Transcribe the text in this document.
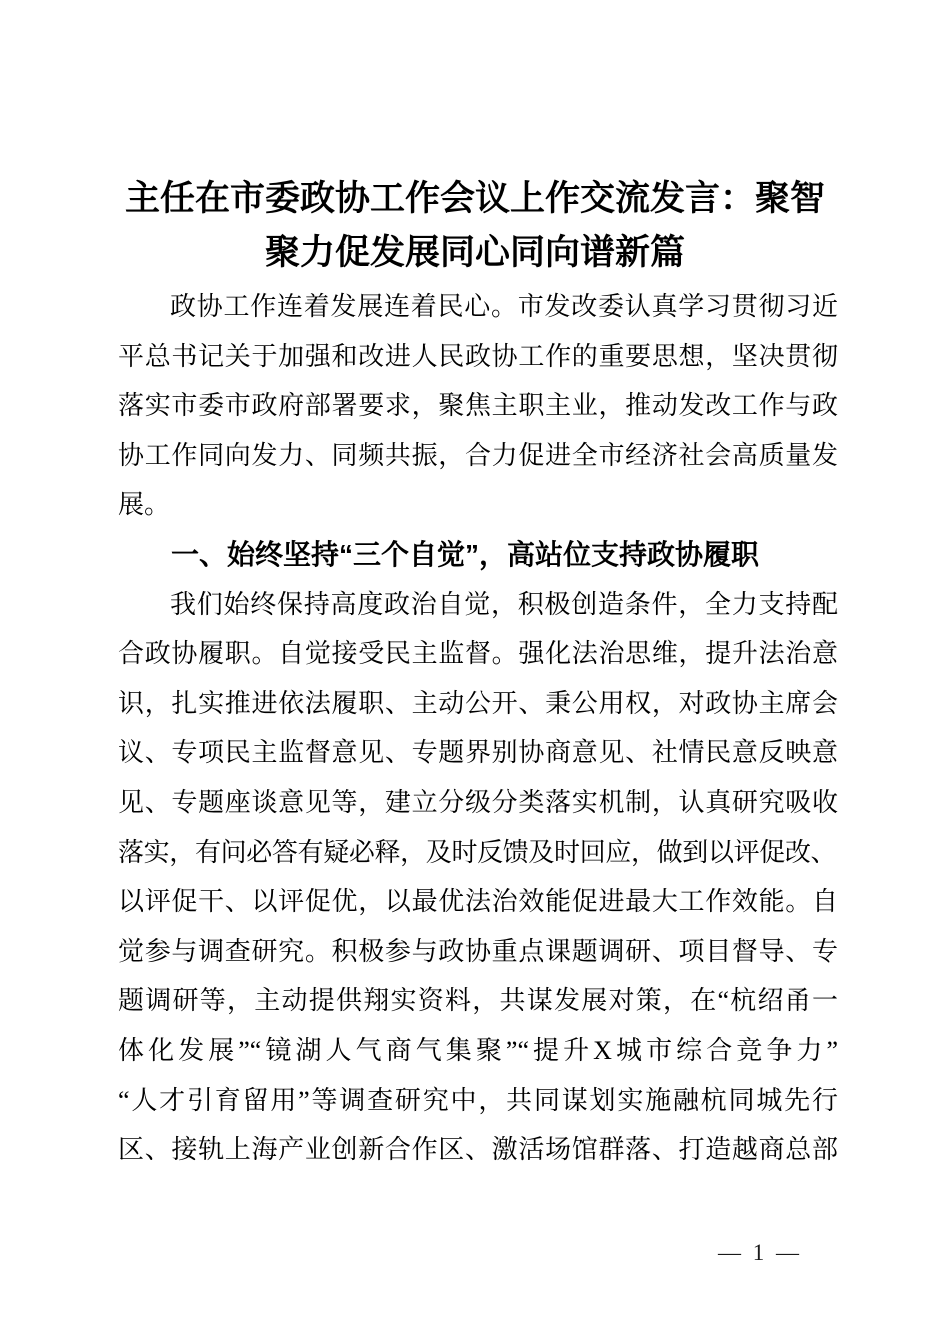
主任在市委政协工作会议上作交流发言：聚智
聚力促发展同心同向谱新篇
政协工作连着发展连着民心。市发改委认真学习贯彻习近
平总书记关于加强和改进人民政协工作的重要思想，坚决贯彻
落实市委市政府部署要求，聚焦主职主业，推动发改工作与政
协工作同向发力、同频共振，合力促进全市经济社会高质量发
展。
一、始终坚持“三个自觉”，高站位支持政协履职
我们始终保持高度政治自觉，积极创造条件，全力支持配
合政协履职。自觉接受民主监督。强化法治思维，提升法治意
识，扎实推进依法履职、主动公开、秉公用权，对政协主席会
议、专项民主监督意见、专题界别协商意见、社情民意反映意
见、专题座谈意见等，建立分级分类落实机制，认真研究吸收
落实，有问必答有疑必释，及时反馈及时回应，做到以评促改、
以评促干、以评促优，以最优法治效能促进最大工作效能。自
觉参与调查研究。积极参与政协重点课题调研、项目督导、专
题调研等，主动提供翔实资料，共谋发展对策，在“杭绍甬一
体化发展”“镜湖人气商气集聚”“提升X城市综合竞争力”
“人才引育留用”等调查研究中，共同谋划实施融杭同城先行
区、接轨上海产业创新合作区、激活场馆群落、打造越商总部
— 1 —
